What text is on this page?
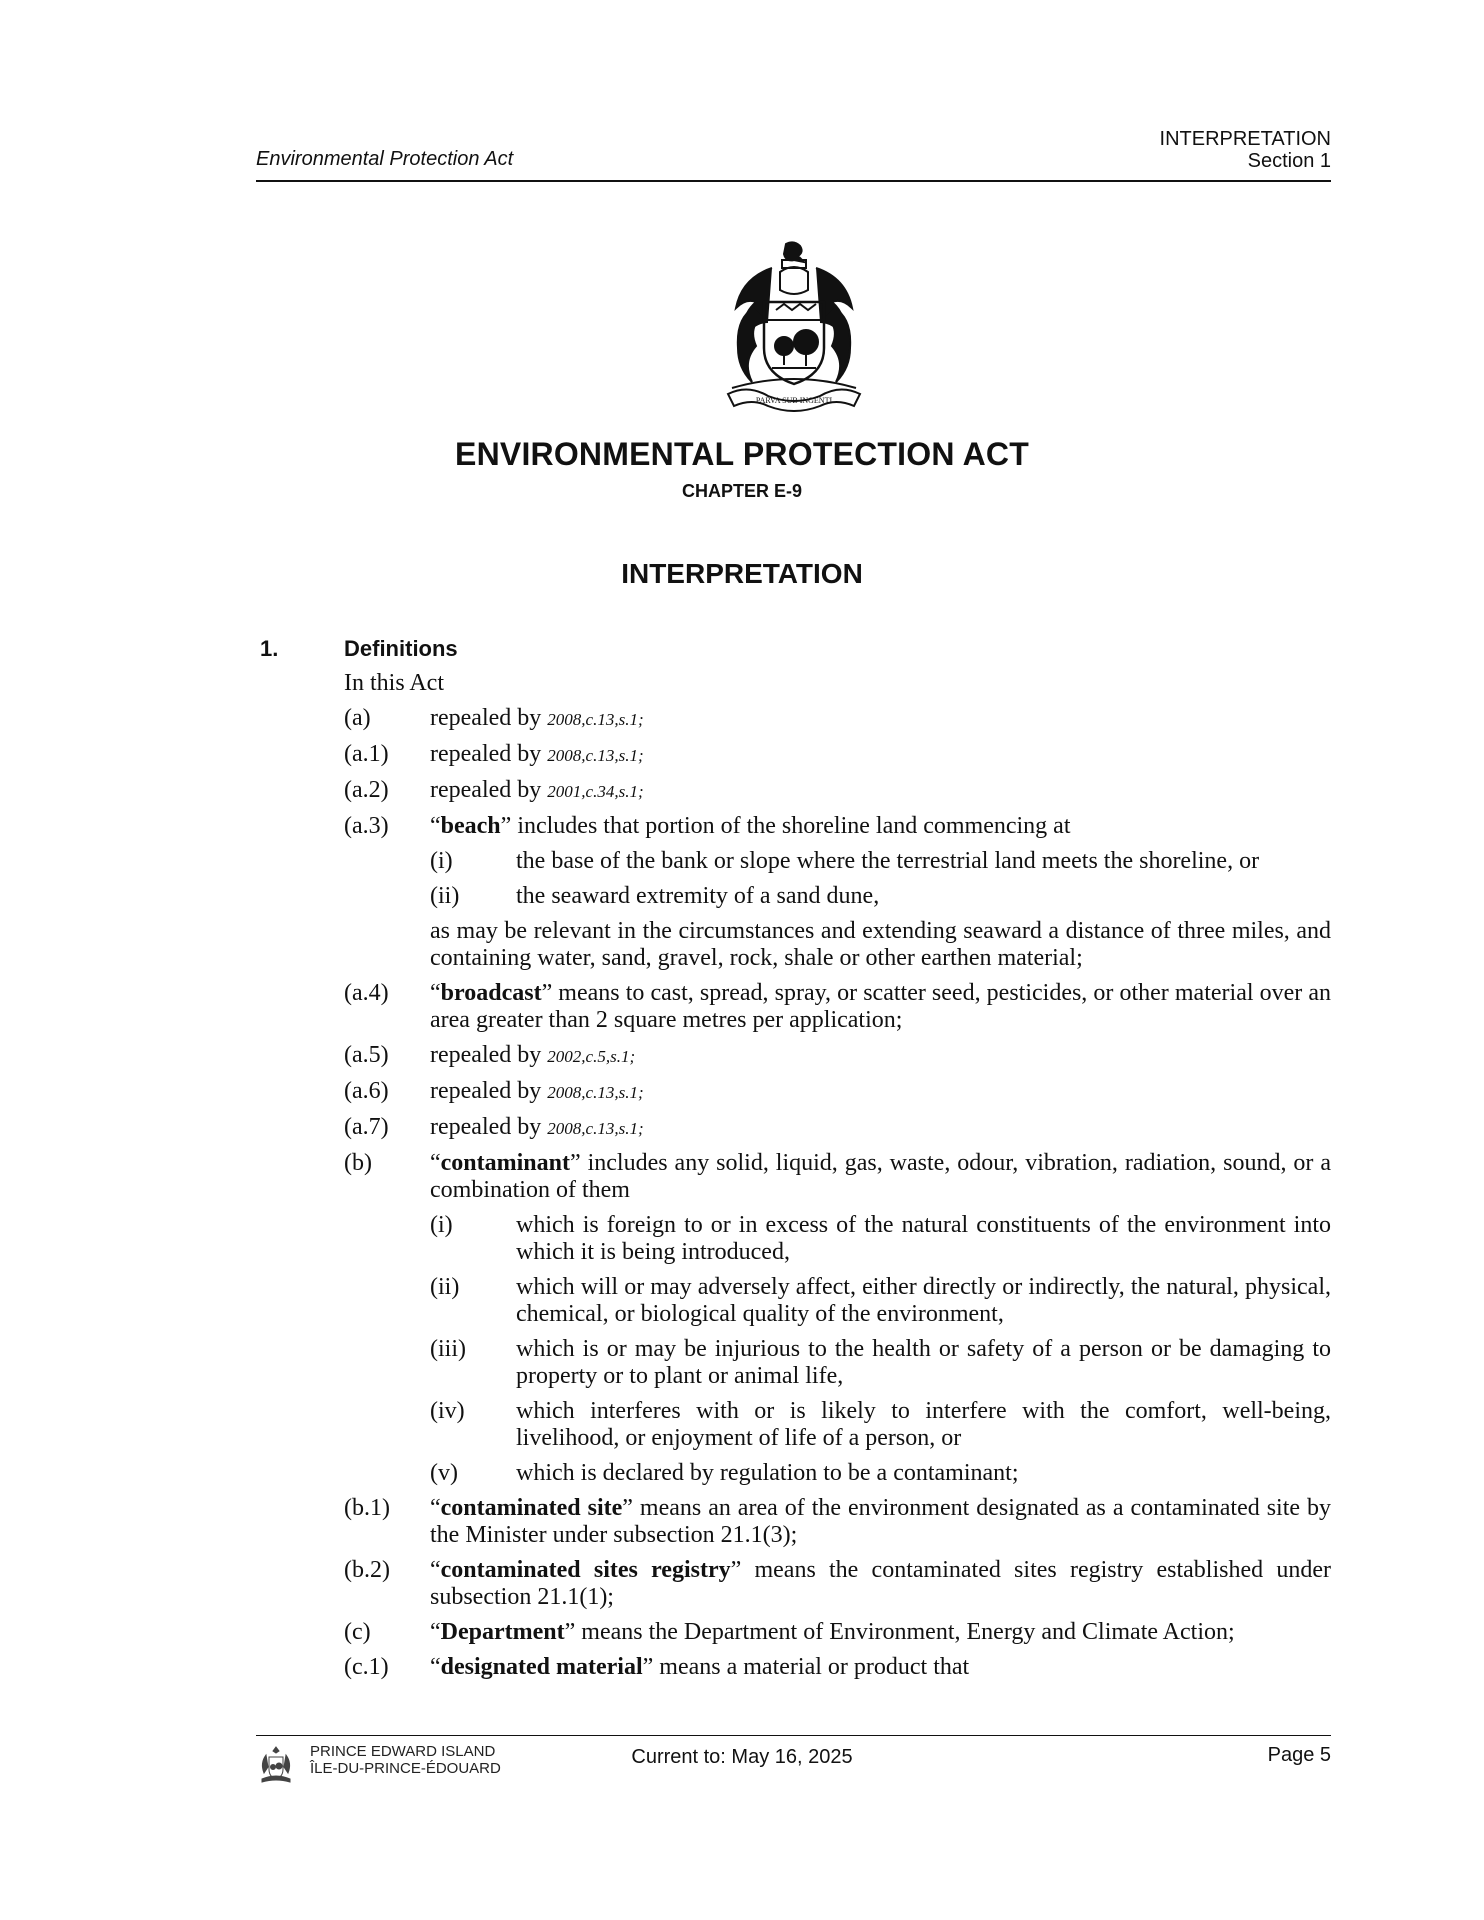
Environmental Protection Act
INTERPRETATION
Section 1
PARVA SUB INGENTI
ENVIRONMENTAL PROTECTION ACT
CHAPTER E-9
INTERPRETATION
1.	Definitions
In this Act
(a) repealed by 2008,c.13,s.1;
(a.1) repealed by 2008,c.13,s.1;
(a.2) repealed by 2001,c.34,s.1;
(a.3) “beach” includes that portion of the shoreline land commencing at
(i)	the base of the bank or slope where the terrestrial land meets the shoreline, or
(ii) the seaward extremity of a sand dune,
as may be relevant in the circumstances and extending seaward a distance of three miles, and containing water, sand, gravel, rock, shale or other earthen material;
(a.4) “broadcast” means to cast, spread, spray, or scatter seed, pesticides, or other material over an area greater than 2 square metres per application;
(a.5) repealed by 2002,c.5,s.1;
(a.6) repealed by 2008,c.13,s.1;
(a.7) repealed by 2008,c.13,s.1;
(b) “contaminant” includes any solid, liquid, gas, waste, odour, vibration, radiation, sound, or a combination of them
(i)	which is foreign to or in excess of the natural constituents of the environment into which it is being introduced,
(ii) which will or may adversely affect, either directly or indirectly, the natural, physical, chemical, or biological quality of the environment,
(iii) which is or may be injurious to the health or safety of a person or be damaging to property or to plant or animal life,
(iv) which interferes with or is likely to interfere with the comfort, well-being, livelihood, or enjoyment of life of a person, or
(v) which is declared by regulation to be a contaminant;
(b.1) “contaminated site” means an area of the environment designated as a contaminated site by the Minister under subsection 21.1(3);
(b.2) “contaminated sites registry” means the contaminated sites registry established under subsection 21.1(1);
(c) “Department” means the Department of Environment, Energy and Climate Action;
(c.1) “designated material” means a material or product that
PRINCE EDWARD ISLAND
ÎLE-DU-PRINCE-ÉDOUARD
Current to: May 16, 2025	Page 5
